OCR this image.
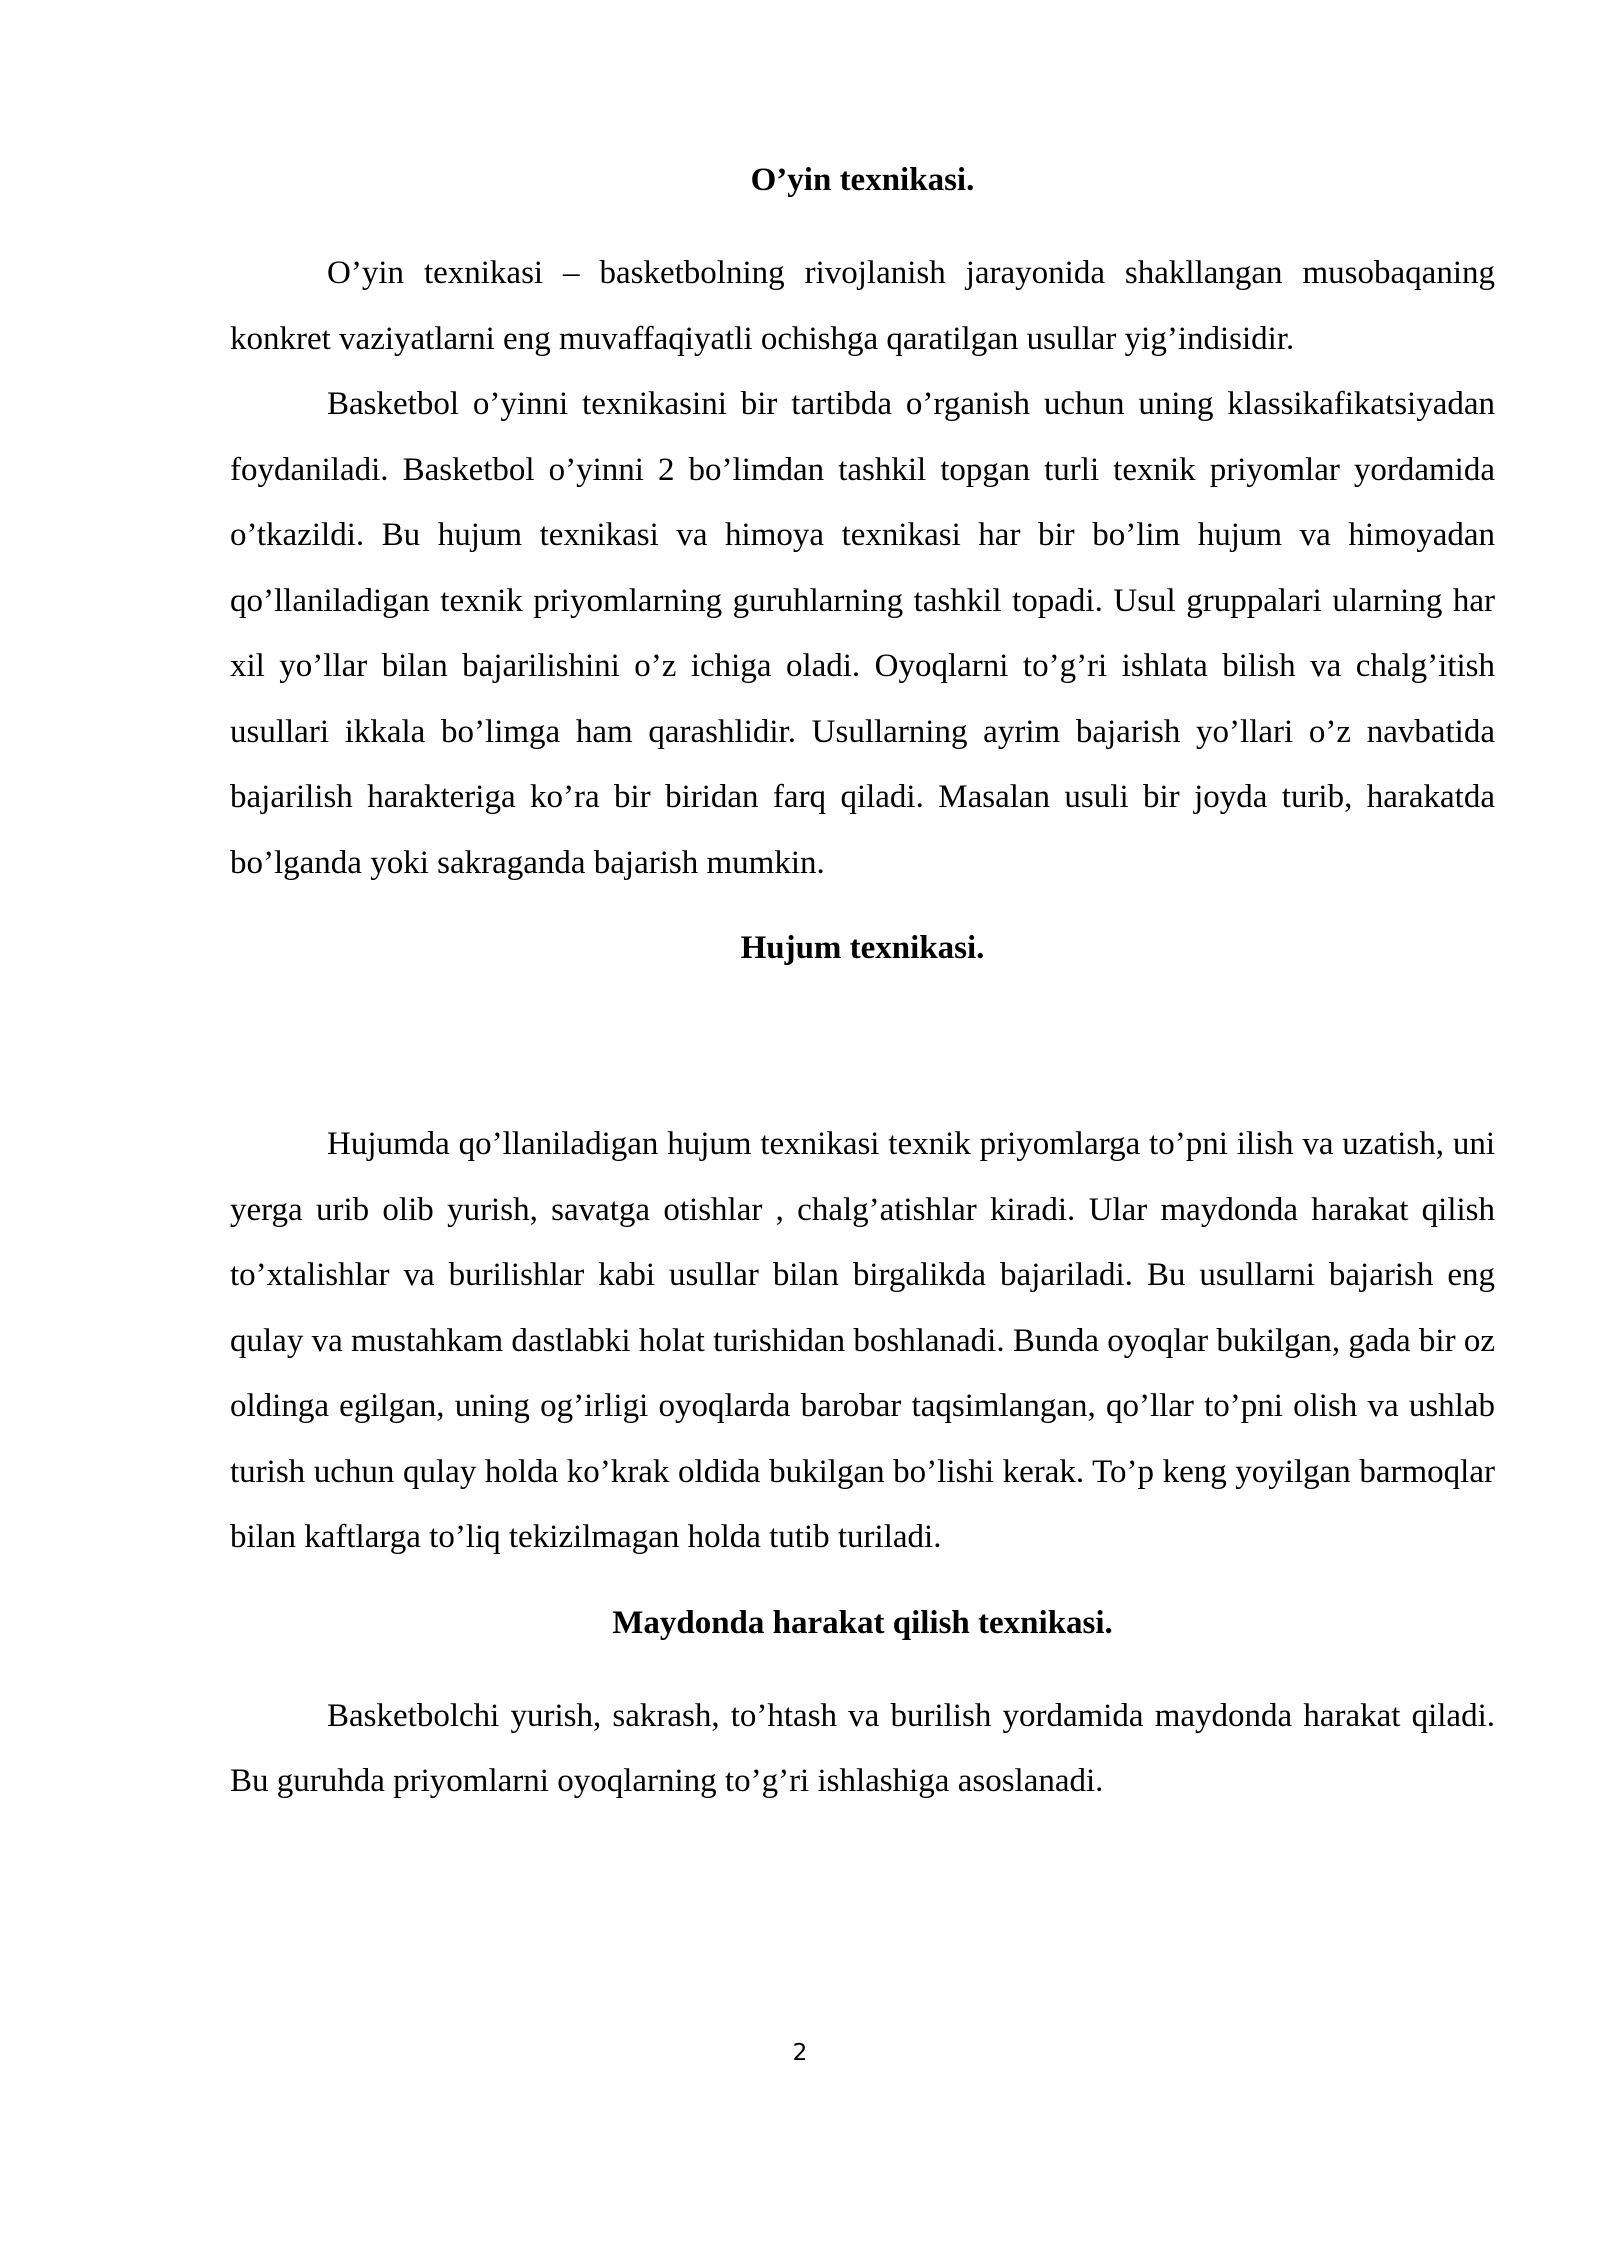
O’yin texnikasi.

O’yin texnikasi – basketbolning rivojlanish jarayonida shakllangan musobaqaning konkret vaziyatlarni eng muvaffaqiyatli ochishga qaratilgan usullar yig’indisidir.

Basketbol o’yinni texnikasini bir tartibda o’rganish uchun uning klassikafikatsiyadan foydaniladi. Basketbol o’yinni 2 bo’limdan tashkil topgan turli texnik priyomlar yordamida o’tkazildi. Bu hujum texnikasi va himoya texnikasi har bir bo’lim hujum va himoyadan qo’llaniladigan texnik priyomlarning guruhlarning tashkil topadi. Usul gruppalari ularning har xil yo’llar bilan bajarilishini o’z ichiga oladi. Oyoqlarni to’g’ri ishlata bilish va chalg’itish usullari ikkala bo’limga ham qarashlidir. Usullarning ayrim bajarish yo’llari o’z navbatida bajarilish harakteriga ko’ra bir biridan farq qiladi. Masalan usuli bir joyda turib, harakatda bo’lganda yoki sakraganda bajarish mumkin.

Hujum texnikasi.

Hujumda qo’llaniladigan hujum texnikasi texnik priyomlarga to’pni ilish va uzatish, uni yerga urib olib yurish, savatga otishlar , chalg’atishlar kiradi. Ular maydonda harakat qilish to’xtalishlar va burilishlar kabi usullar bilan birgalikda bajariladi. Bu usullarni bajarish eng qulay va mustahkam dastlabki holat turishidan boshlanadi. Bunda oyoqlar bukilgan, gada bir oz oldinga egilgan, uning og’irligi oyoqlarda barobar taqsimlangan, qo’llar to’pni olish va ushlab turish uchun qulay holda ko’krak oldida bukilgan bo’lishi kerak. To’p keng yoyilgan barmoqlar bilan kaftlarga to’liq tekizilmagan holda tutib turiladi.

Maydonda harakat qilish texnikasi.

Basketbolchi yurish, sakrash, to’htash va burilish yordamida maydonda harakat qiladi. Bu guruhda priyomlarni oyoqlarning to’g’ri ishlashiga asoslanadi.

2
